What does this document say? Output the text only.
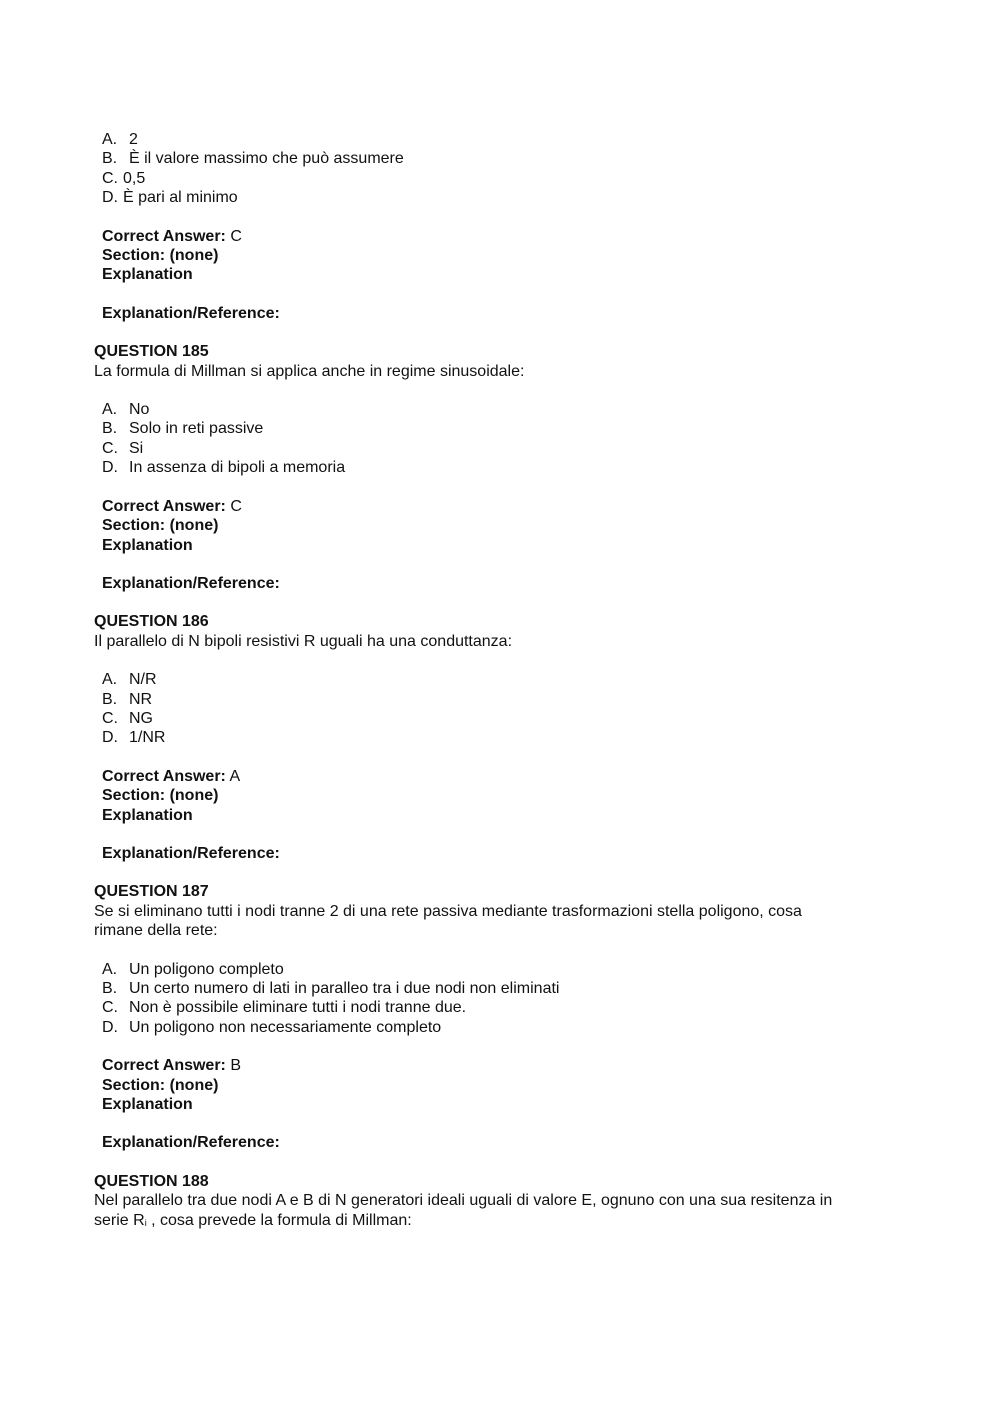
A. 2
B. È il valore massimo che può assumere
C. 0,5
D. È pari al minimo
Correct Answer: C
Section: (none)
Explanation
Explanation/Reference:
QUESTION 185
La formula di Millman si applica anche in regime sinusoidale:
A. No
B. Solo in reti passive
C. Si
D. In assenza di bipoli a memoria
Correct Answer: C
Section: (none)
Explanation
Explanation/Reference:
QUESTION 186
Il parallelo di N bipoli resistivi R uguali ha una conduttanza:
A. N/R
B. NR
C. NG
D. 1/NR
Correct Answer: A
Section: (none)
Explanation
Explanation/Reference:
QUESTION 187
Se si eliminano tutti i nodi tranne 2 di una rete passiva mediante trasformazioni stella poligono, cosa rimane della rete:
A. Un poligono completo
B. Un certo numero di lati in paralleo tra i due nodi non eliminati
C. Non è possibile eliminare tutti i nodi tranne due.
D. Un poligono non necessariamente completo
Correct Answer: B
Section: (none)
Explanation
Explanation/Reference:
QUESTION 188
Nel parallelo tra due nodi A e B di N generatori ideali uguali di valore E, ognuno con una sua resitenza in
serie $R_i$ , cosa prevede la formula di Millman:
